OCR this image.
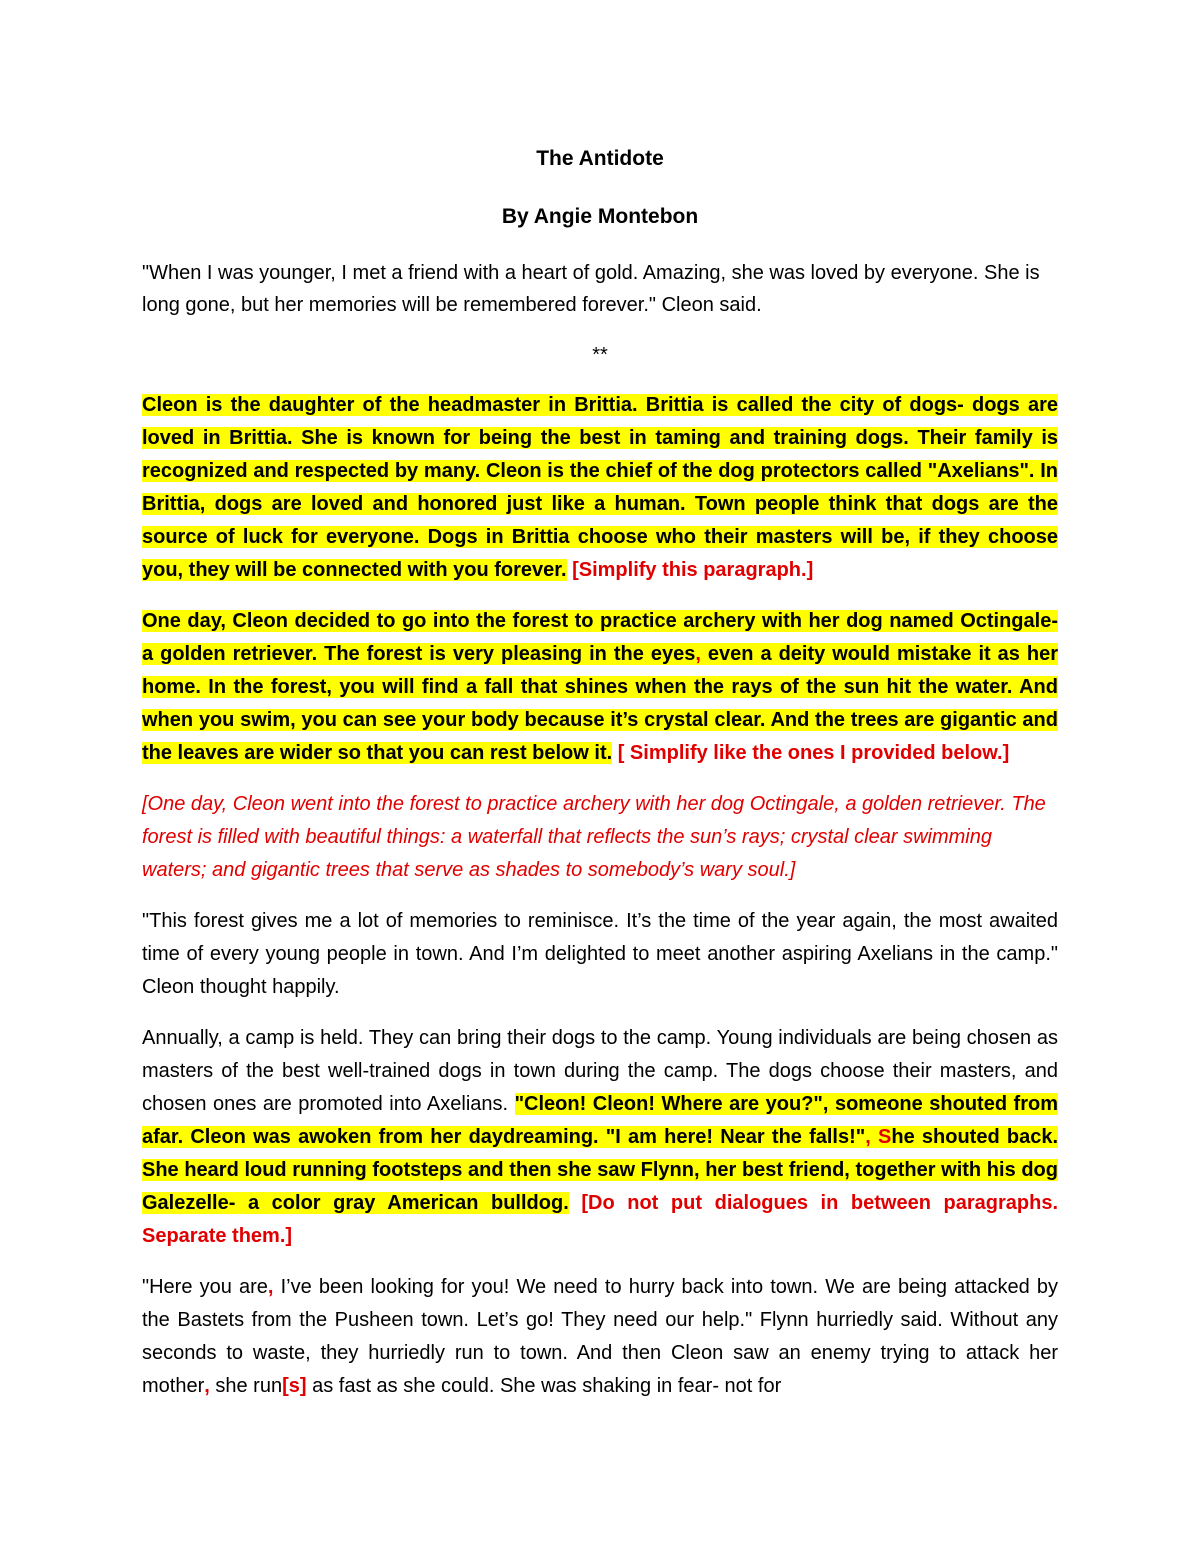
The Antidote

By Angie Montebon

"When I was younger, I met a friend with a heart of gold. Amazing, she was loved by everyone. She is long gone, but her memories will be remembered forever." Cleon said.

**

Cleon is the daughter of the headmaster in Brittia. Brittia is called the city of dogs- dogs are loved in Brittia. She is known for being the best in taming and training dogs. Their family is recognized and respected by many. Cleon is the chief of the dog protectors called "Axelians". In Brittia, dogs are loved and honored just like a human. Town people think that dogs are the source of luck for everyone. Dogs in Brittia choose who their masters will be, if they choose you, they will be connected with you forever. [Simplify this paragraph.]

One day, Cleon decided to go into the forest to practice archery with her dog named Octingale- a golden retriever. The forest is very pleasing in the eyes, even a deity would mistake it as her home. In the forest, you will find a fall that shines when the rays of the sun hit the water. And when you swim, you can see your body because it’s crystal clear. And the trees are gigantic and the leaves are wider so that you can rest below it. [ Simplify like the ones I provided below.]

[One day, Cleon went into the forest to practice archery with her dog Octingale, a golden retriever. The forest is filled with beautiful things: a waterfall that reflects the sun’s rays; crystal clear swimming waters; and gigantic trees that serve as shades to somebody’s wary soul.]

"This forest gives me a lot of memories to reminisce. It’s the time of the year again, the most awaited time of every young people in town. And I’m delighted to meet another aspiring Axelians in the camp." Cleon thought happily.

Annually, a camp is held. They can bring their dogs to the camp. Young individuals are being chosen as masters of the best well-trained dogs in town during the camp. The dogs choose their masters, and chosen ones are promoted into Axelians. "Cleon! Cleon! Where are you?", someone shouted from afar. Cleon was awoken from her daydreaming. "I am here! Near the falls!", She shouted back. She heard loud running footsteps and then she saw Flynn, her best friend, together with his dog Galezelle- a color gray American bulldog. [Do not put dialogues in between paragraphs. Separate them.]

"Here you are, I’ve been looking for you! We need to hurry back into town. We are being attacked by the Bastets from the Pusheen town. Let’s go! They need our help." Flynn hurriedly said. Without any seconds to waste, they hurriedly run to town. And then Cleon saw an enemy trying to attack her mother, she run[s] as fast as she could. She was shaking in fear- not for
